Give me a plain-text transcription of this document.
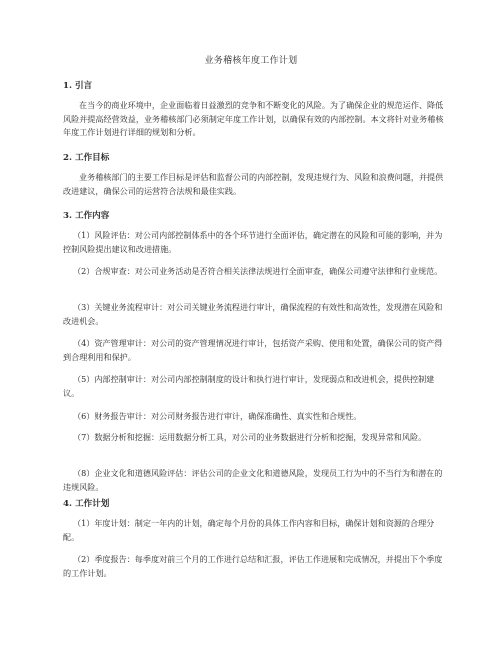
业务稽核年度工作计划
1. 引言
在当今的商业环境中，企业面临着日益激烈的竞争和不断变化的风险。为了确保企业的规范运作、降低风险并提高经营效益，业务稽核部门必须制定年度工作计划，以确保有效的内部控制。本文将针对业务稽核年度工作计划进行详细的规划和分析。
2. 工作目标
业务稽核部门的主要工作目标是评估和监督公司的内部控制，发现违规行为、风险和浪费问题，并提供改进建议，确保公司的运营符合法规和最佳实践。
3. 工作内容
（1）风险评估：对公司内部控制体系中的各个环节进行全面评估，确定潜在的风险和可能的影响，并为控制风险提出建议和改进措施。
（2）合规审查：对公司业务活动是否符合相关法律法规进行全面审查，确保公司遵守法律和行业规范。
（3）关键业务流程审计：对公司关键业务流程进行审计，确保流程的有效性和高效性，发现潜在风险和改进机会。
（4）资产管理审计：对公司的资产管理情况进行审计，包括资产采购、使用和处置，确保公司的资产得到合理利用和保护。
（5）内部控制审计：对公司内部控制制度的设计和执行进行审计，发现弱点和改进机会，提供控制建议。
（6）财务报告审计：对公司财务报告进行审计，确保准确性、真实性和合规性。
（7）数据分析和挖掘：运用数据分析工具，对公司的业务数据进行分析和挖掘，发现异常和风险。
（8）企业文化和道德风险评估：评估公司的企业文化和道德风险，发现员工行为中的不当行为和潜在的违规风险。
4. 工作计划
（1）年度计划：制定一年内的计划，确定每个月份的具体工作内容和目标，确保计划和资源的合理分配。
（2）季度报告：每季度对前三个月的工作进行总结和汇报，评估工作进展和完成情况，并提出下个季度的工作计划。
